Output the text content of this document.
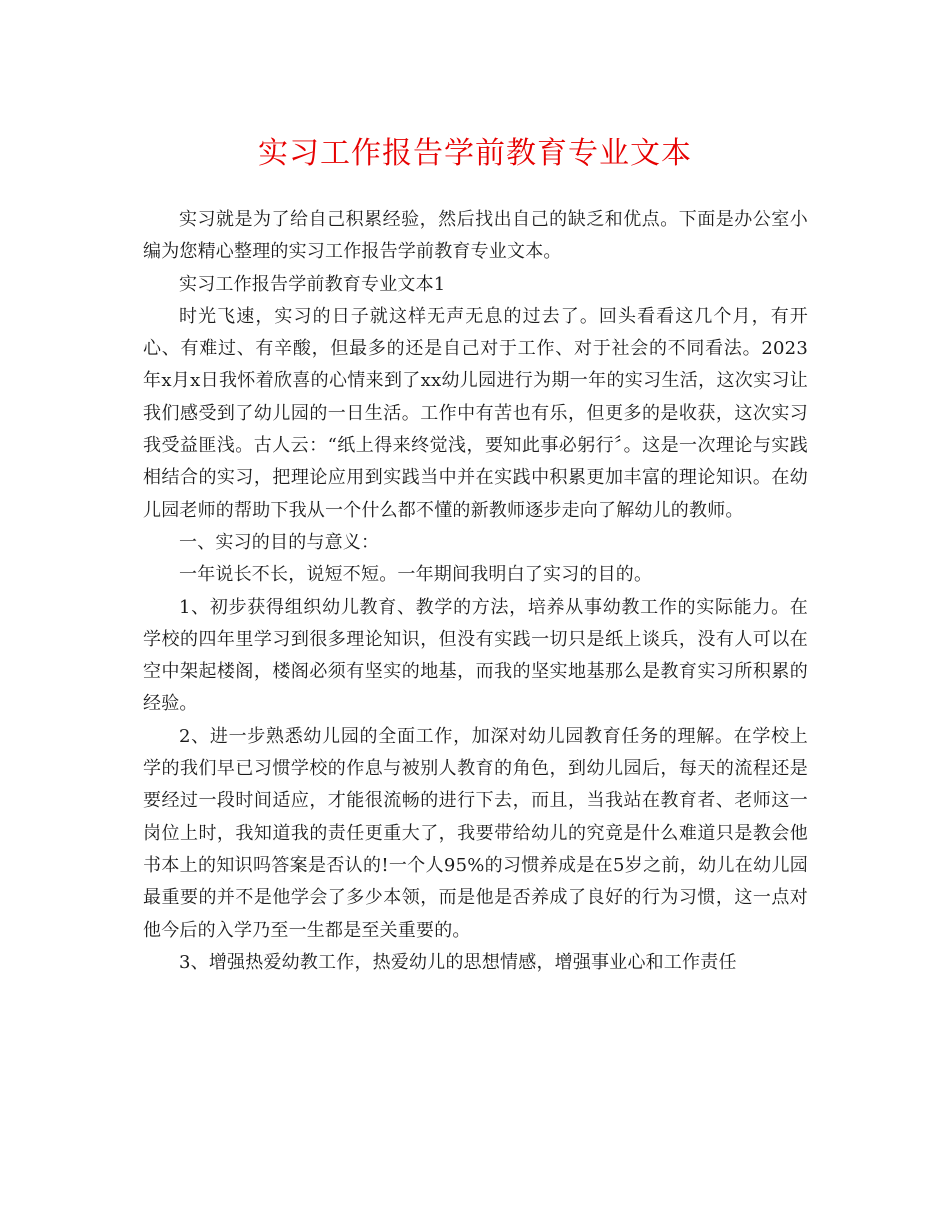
实习工作报告学前教育专业文本

实习就是为了给自己积累经验，然后找出自己的缺乏和优点。下面是办公室小编为您精心整理的实习工作报告学前教育专业文本。

实习工作报告学前教育专业文本1

时光飞速，实习的日子就这样无声无息的过去了。回头看看这几个月，有开心、有难过、有辛酸，但最多的还是自己对于工作、对于社会的不同看法。2023年x月x日我怀着欣喜的心情来到了xx幼儿园进行为期一年的实习生活，这次实习让我们感受到了幼儿园的一日生活。工作中有苦也有乐，但更多的是收获，这次实习我受益匪浅。古人云：“纸上得来终觉浅，要知此事必躬行〞。这是一次理论与实践相结合的实习，把理论应用到实践当中并在实践中积累更加丰富的理论知识。在幼儿园老师的帮助下我从一个什么都不懂的新教师逐步走向了解幼儿的教师。

一、实习的目的与意义：

一年说长不长，说短不短。一年期间我明白了实习的目的。

1、初步获得组织幼儿教育、教学的方法，培养从事幼教工作的实际能力。在学校的四年里学习到很多理论知识，但没有实践一切只是纸上谈兵，没有人可以在空中架起楼阁，楼阁必须有坚实的地基，而我的坚实地基那么是教育实习所积累的经验。

2、进一步熟悉幼儿园的全面工作，加深对幼儿园教育任务的理解。在学校上学的我们早已习惯学校的作息与被别人教育的角色，到幼儿园后，每天的流程还是要经过一段时间适应，才能很流畅的进行下去，而且，当我站在教育者、老师这一岗位上时，我知道我的责任更重大了，我要带给幼儿的究竟是什么难道只是教会他书本上的知识吗答案是否认的!一个人95%的习惯养成是在5岁之前，幼儿在幼儿园最重要的并不是他学会了多少本领，而是他是否养成了良好的行为习惯，这一点对他今后的入学乃至一生都是至关重要的。

3、增强热爱幼教工作，热爱幼儿的思想情感，增强事业心和工作责任
